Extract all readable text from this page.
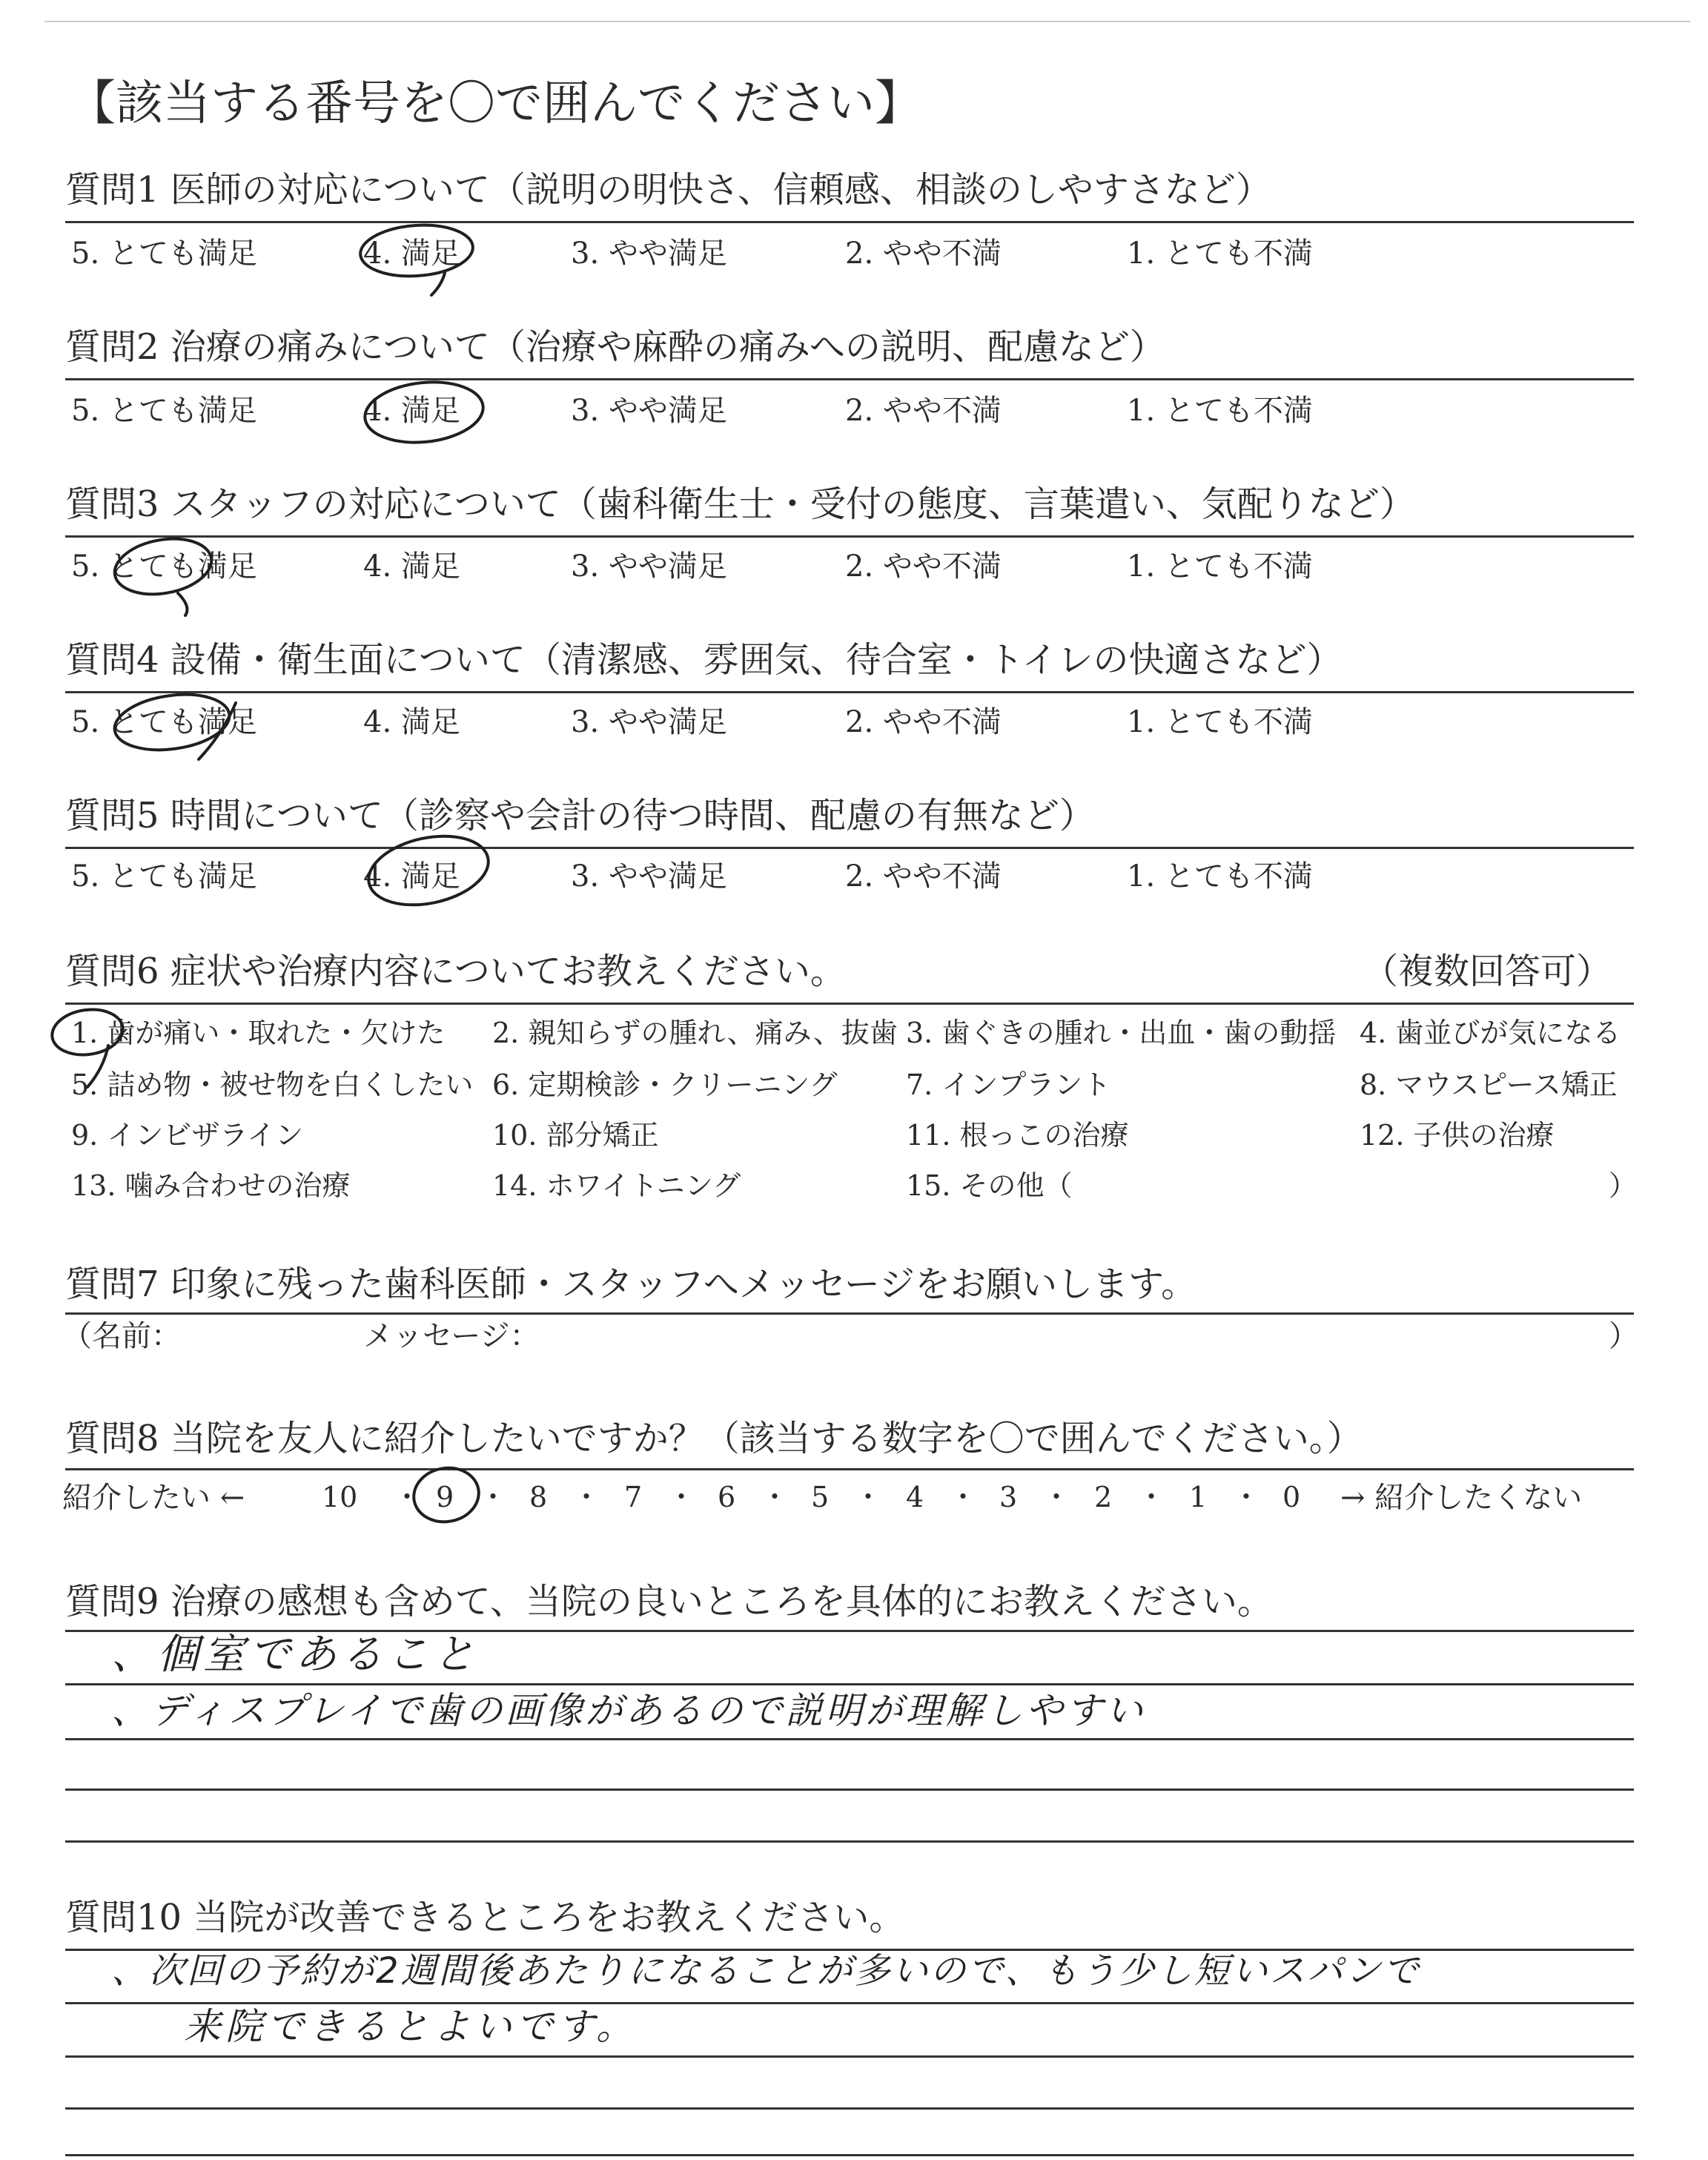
【該当する番号を〇で囲んでください】
質問1 医師の対応について（説明の明快さ、信頼感、相談のしやすさなど）
5. とても満足	4. 満足	3. やや満足	2. やや不満	1. とても不満
質問2 治療の痛みについて（治療や麻酔の痛みへの説明、配慮など）
5. とても満足	4. 満足	3. やや満足	2. やや不満	1. とても不満
質問3 スタッフの対応について（歯科衛生士・受付の態度、言葉遣い、気配りなど）
5. とても満足	4. 満足	3. やや満足	2. やや不満	1. とても不満
質問4 設備・衛生面について（清潔感、雰囲気、待合室・トイレの快適さなど）
5. とても満足	4. 満足	3. やや満足	2. やや不満	1. とても不満
質問5 時間について（診察や会計の待つ時間、配慮の有無など）
5. とても満足	4. 満足	3. やや満足	2. やや不満	1. とても不満
質問6 症状や治療内容についてお教えください。	（複数回答可）
1. 歯が痛い・取れた・欠けた 2. 親知らずの腫れ、痛み、抜歯 3. 歯ぐきの腫れ・出血・歯の動揺 4. 歯並びが気になる
5. 詰め物・被せ物を白くしたい 6. 定期検診・クリーニング 7. インプラント	8. マウスピース矯正
9. インビザライン	10. 部分矯正	11. 根っこの治療	12. 子供の治療
13. 噛み合わせの治療	14. ホワイトニング	15. その他（	）
質問7 印象に残った歯科医師・スタッフへメッセージをお願いします。
（名前：	メッセージ：	）
質問8 当院を友人に紹介したいですか？（該当する数字を〇で囲んでください。）
紹介したい ←	→ 紹介したくない
10	9	8	7	6	5	4	3	2	1	0
・ ・ ・ ・ ・ ・ ・ ・ ・ ・
質問9 治療の感想も含めて、当院の良いところを具体的にお教えください。
、個室であること
、ディスプレイで歯の画像があるので説明が理解しやすい
質問10 当院が改善できるところをお教えください。
、次回の予約が2週間後あたりになることが多いので、もう少し短いスパンで
来院できるとよいです。
